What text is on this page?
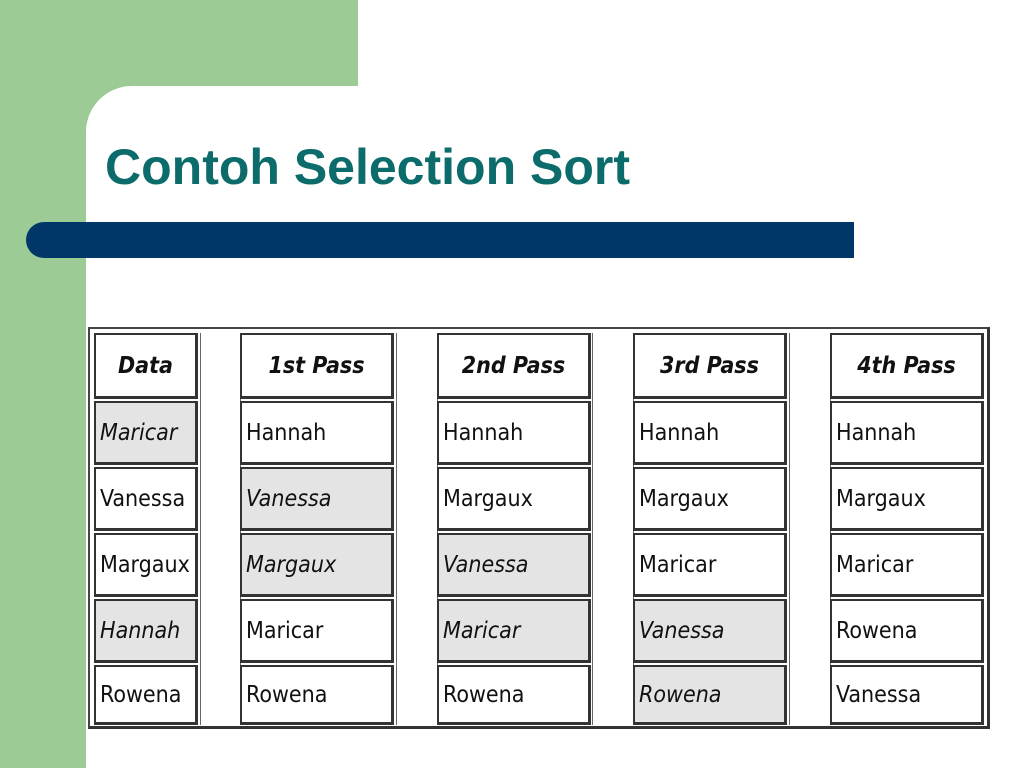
Contoh Selection Sort
Data
Maricar
Vanessa
Margaux
Hannah
Rowena
1st Pass
Hannah
Vanessa
Margaux
Maricar
Rowena
2nd Pass
Hannah
Margaux
Vanessa
Maricar
Rowena
3rd Pass
Hannah
Margaux
Maricar
Vanessa
Rowena
4th Pass
Hannah
Margaux
Maricar
Rowena
Vanessa
